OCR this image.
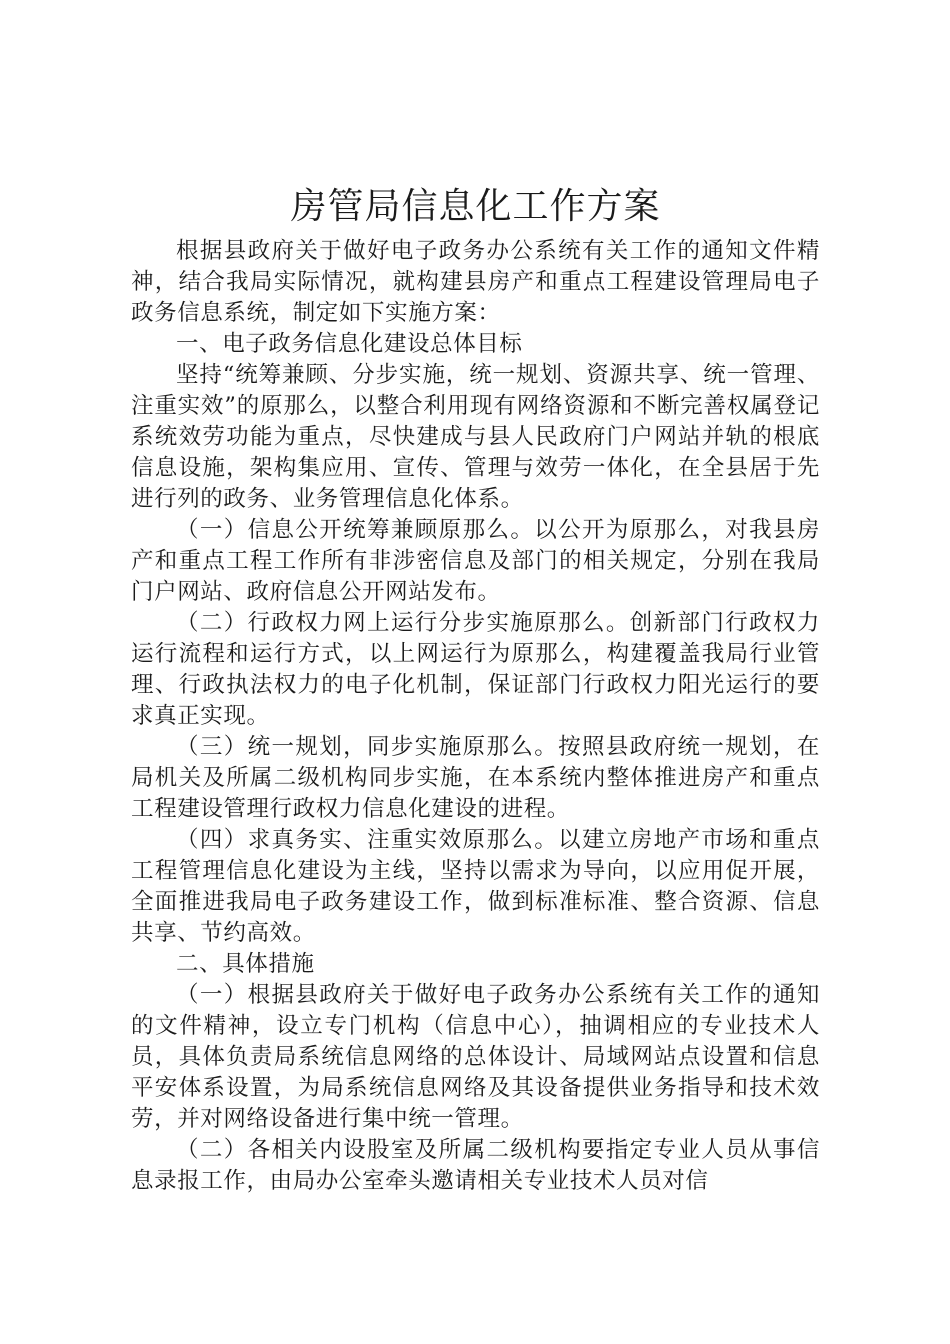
房管局信息化工作方案

根据县政府关于做好电子政务办公系统有关工作的通知文件精神，结合我局实际情况，就构建县房产和重点工程建设管理局电子政务信息系统，制定如下实施方案：

一、电子政务信息化建设总体目标

坚持“统筹兼顾、分步实施，统一规划、资源共享、统一管理、注重实效”的原那么，以整合利用现有网络资源和不断完善权属登记系统效劳功能为重点，尽快建成与县人民政府门户网站并轨的根底信息设施，架构集应用、宣传、管理与效劳一体化，在全县居于先进行列的政务、业务管理信息化体系。

（一）信息公开统筹兼顾原那么。以公开为原那么，对我县房产和重点工程工作所有非涉密信息及部门的相关规定，分别在我局门户网站、政府信息公开网站发布。

（二）行政权力网上运行分步实施原那么。创新部门行政权力运行流程和运行方式，以上网运行为原那么，构建覆盖我局行业管理、行政执法权力的电子化机制，保证部门行政权力阳光运行的要求真正实现。

（三）统一规划，同步实施原那么。按照县政府统一规划，在局机关及所属二级机构同步实施，在本系统内整体推进房产和重点工程建设管理行政权力信息化建设的进程。

（四）求真务实、注重实效原那么。以建立房地产市场和重点工程管理信息化建设为主线，坚持以需求为导向，以应用促开展，全面推进我局电子政务建设工作，做到标准标准、整合资源、信息共享、节约高效。

二、具体措施

（一）根据县政府关于做好电子政务办公系统有关工作的通知的文件精神，设立专门机构（信息中心），抽调相应的专业技术人员，具体负责局系统信息网络的总体设计、局域网站点设置和信息平安体系设置，为局系统信息网络及其设备提供业务指导和技术效劳，并对网络设备进行集中统一管理。

（二）各相关内设股室及所属二级机构要指定专业人员从事信息录报工作，由局办公室牵头邀请相关专业技术人员对信
